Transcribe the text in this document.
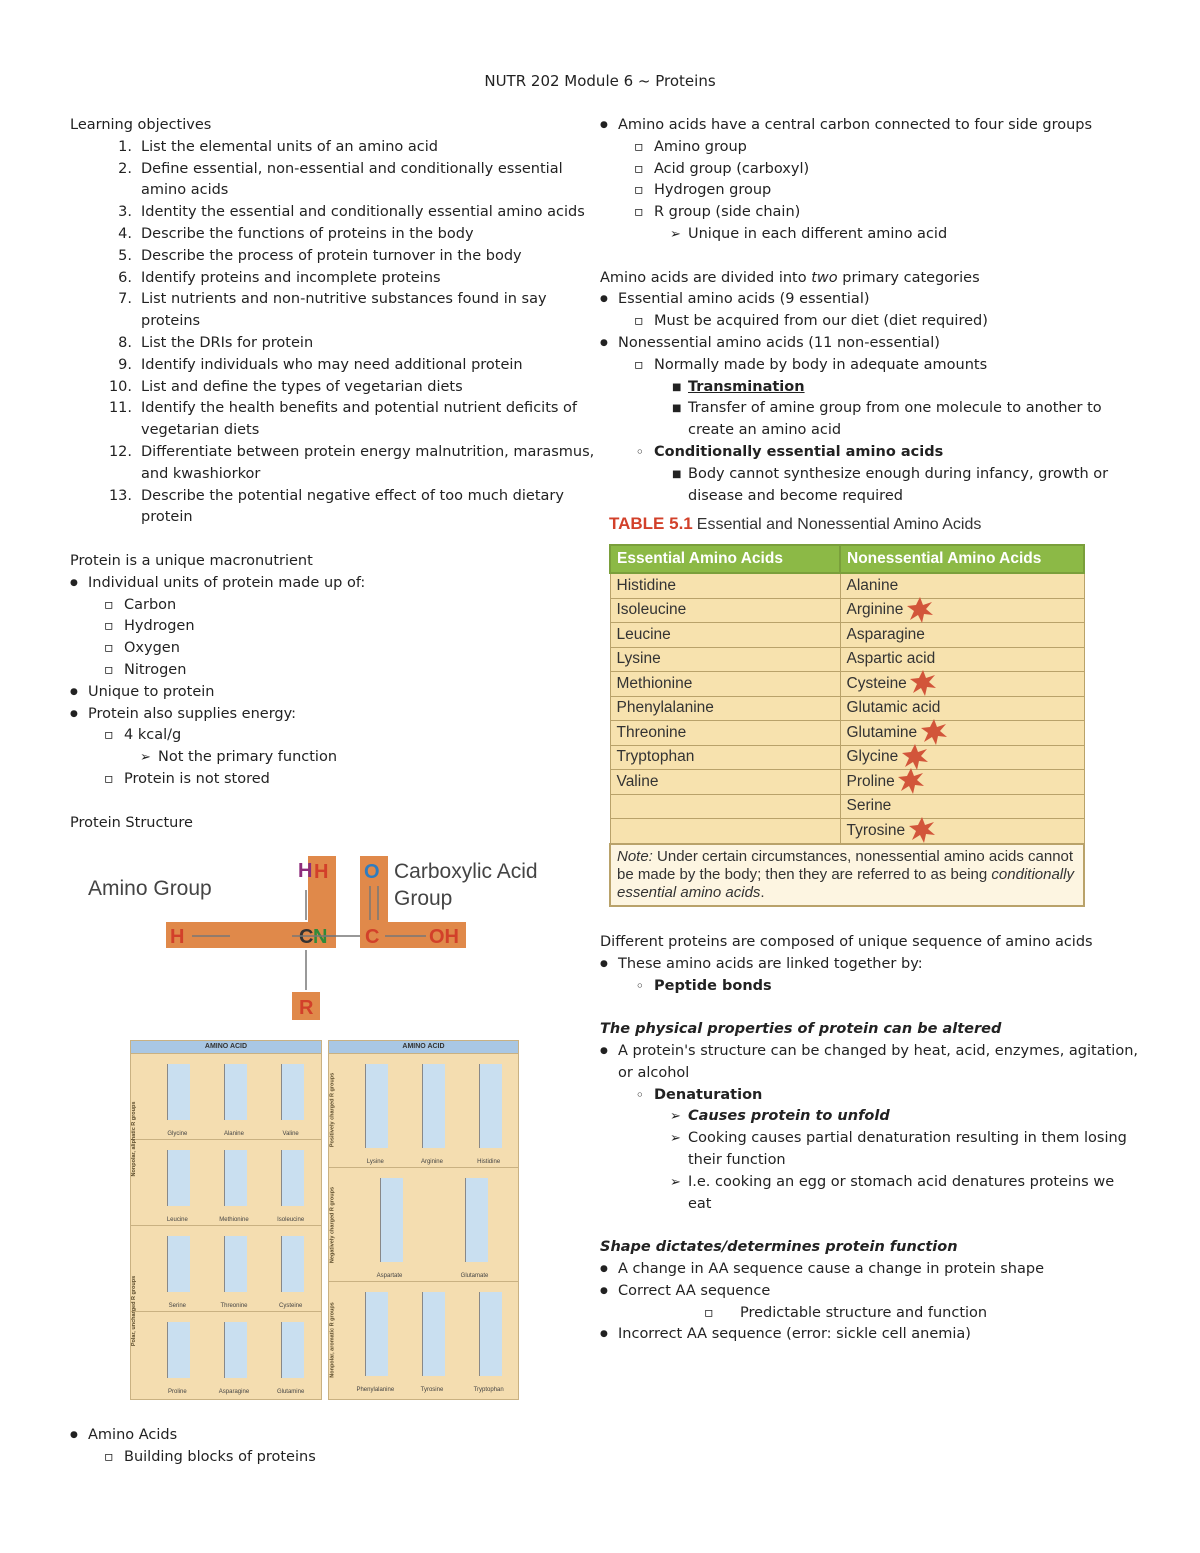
NUTR 202 Module 6 ~ Proteins

Learning objectives

1. List the elemental units of an amino acid
2. Define essential, non-essential and conditionally essential amino acids
3. Identity the essential and conditionally essential amino acids
4. Describe the functions of proteins in the body
5. Describe the process of protein turnover in the body
6. Identify proteins and incomplete proteins
7. List nutrients and non-nutritive substances found in say proteins
8. List the DRIs for protein
9. Identify individuals who may need additional protein
10. List and define the types of vegetarian diets
11. Identify the health benefits and potential nutrient deficits of vegetarian diets
12. Differentiate between protein energy malnutrition, marasmus, and kwashiorkor
13. Describe the potential negative effect of too much dietary protein

Protein is a unique macronutrient

● Individual units of protein made up of:
▫ Carbon
▫ Hydrogen
▫ Oxygen
▫ Nitrogen
● Unique to protein
● Protein also supplies energy:
▫ 4 kcal/g
➢ Not the primary function
▫ Protein is not stored

Protein Structure

Amino Group
Carboxylic Acid
Group
H
H	N
C
O
C OH
R
H
AMINO ACID
Glycine	Alanine	Valine
Leucine	Methionine	Isoleucine
Serine	Threonine	Cysteine
Proline	Asparagine	Glutamine
Nonpolar, aliphatic R groups
Polar, uncharged R groups
AMINO ACID
Lysine	Arginine	Histidine
Aspartate	Glutamate
Phenylalanine	Tyrosine	Tryptophan
Positively charged R groups
Negatively charged R groups
Nonpolar, aromatic R groups
● Amino Acids
▫ Building blocks of proteins
● Amino acids have a central carbon connected to four side groups
▫ Amino group
▫ Acid group (carboxyl)
▫ Hydrogen group
▫ R group (side chain)
➢ Unique in each different amino acid

Amino acids are divided into two primary categories

● Essential amino acids (9 essential)
▫ Must be acquired from our diet (diet required)
● Nonessential amino acids (11 non-essential)
▫ Normally made by body in adequate amounts
■ Transmination
■ Transfer of amine group from one molecule to another to create an amino acid
◦ Conditionally essential amino acids
■ Body cannot synthesize enough during infancy, growth or disease and become required
TABLE 5.1 Essential and Nonessential Amino Acids
Essential Amino Acids	Nonessential Amino Acids
Histidine	Alanine
Isoleucine	Arginine

Leucine	Asparagine
Lysine	Aspartic acid
Methionine	Cysteine

Phenylalanine	Glutamic acid
Threonine	Glutamine

Tryptophan	Glycine

Valine	Proline

	Serine
	Tyrosine

Note: Under certain circumstances, nonessential amino acids cannot be made by the body; then they are referred to as being conditionally essential amino acids.	

Different proteins are composed of unique sequence of amino acids

● These amino acids are linked together by:
◦ Peptide bonds

The physical properties of protein can be altered

● A protein's structure can be changed by heat, acid, enzymes, agitation, or alcohol
◦ Denaturation
➢ Causes protein to unfold
➢ Cooking causes partial denaturation resulting in them losing their function
➢ I.e. cooking an egg or stomach acid denatures proteins we eat

Shape dictates/determines protein function

● A change in AA sequence cause a change in protein shape
● Correct AA sequence
▫ Predictable structure and function
● Incorrect AA sequence (error: sickle cell anemia)
